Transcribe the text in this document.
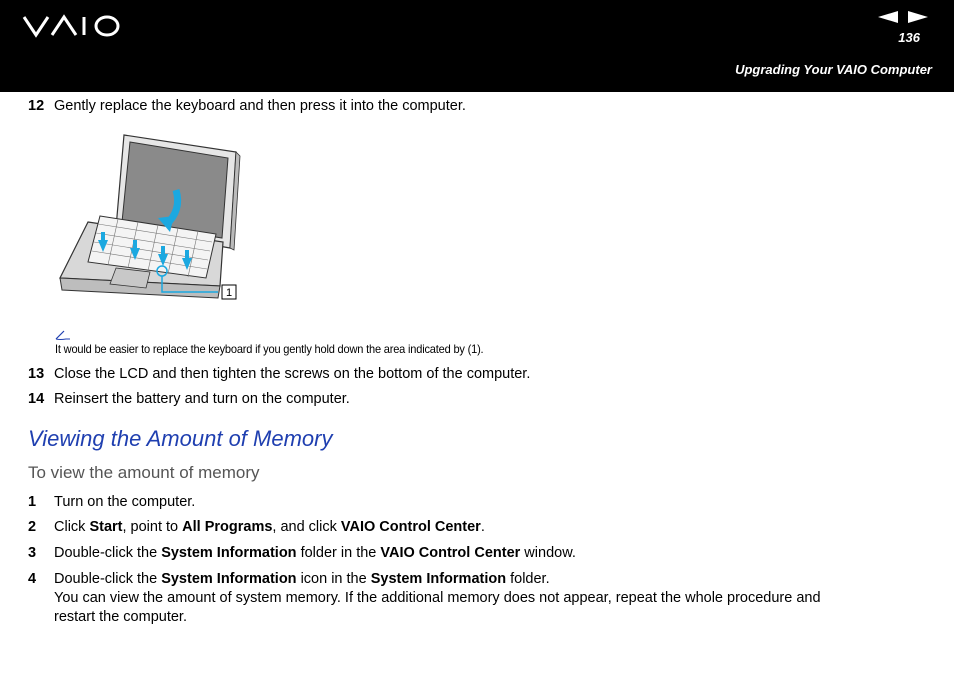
136
Upgrading Your VAIO Computer
12 Gently replace the keyboard and then press it into the computer.
1
It would be easier to replace the keyboard if you gently hold down the area indicated by (1).
13 Close the LCD and then tighten the screws on the bottom of the computer.
14 Reinsert the battery and turn on the computer.
Viewing the Amount of Memory
To view the amount of memory
1 Turn on the computer.
2 Click Start, point to All Programs, and click VAIO Control Center.
3 Double-click the System Information folder in the VAIO Control Center window.
4 Double-click the System Information icon in the System Information folder.
You can view the amount of system memory. If the additional memory does not appear, repeat the whole procedure and
restart the computer.
